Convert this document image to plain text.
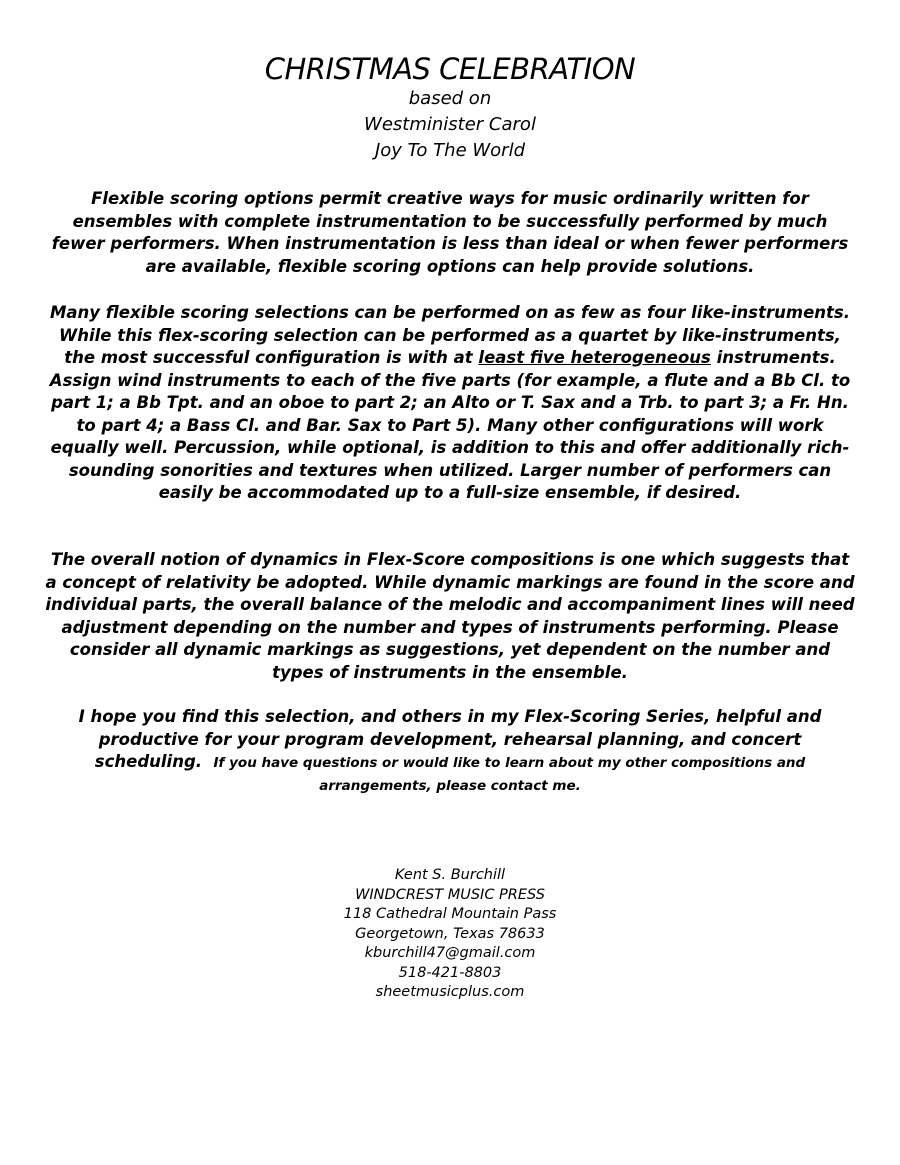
CHRISTMAS CELEBRATION
based on
Westminister Carol
Joy To The World

Flexible scoring options permit creative ways for music ordinarily written for ensembles with complete instrumentation to be successfully performed by much fewer performers. When instrumentation is less than ideal or when fewer performers are available, flexible scoring options can help provide solutions.

Many flexible scoring selections can be performed on as few as four like-instruments. While this flex-scoring selection can be performed as a quartet by like-instruments, the most successful configuration is with at least five heterogeneous instruments. Assign wind instruments to each of the five parts (for example, a flute and a Bb Cl. to part 1; a Bb Tpt. and an oboe to part 2; an Alto or T. Sax and a Trb. to part 3; a Fr. Hn. to part 4; a Bass Cl. and Bar. Sax to Part 5). Many other configurations will work equally well. Percussion, while optional, is addition to this and offer additionally rich-sounding sonorities and textures when utilized. Larger number of performers can easily be accommodated up to a full-size ensemble, if desired.

The overall notion of dynamics in Flex-Score compositions is one which suggests that a concept of relativity be adopted. While dynamic markings are found in the score and individual parts, the overall balance of the melodic and accompaniment lines will need adjustment depending on the number and types of instruments performing. Please consider all dynamic markings as suggestions, yet dependent on the number and types of instruments in the ensemble.

I hope you find this selection, and others in my Flex-Scoring Series, helpful and productive for your program development, rehearsal planning, and concert scheduling. If you have questions or would like to learn about my other compositions and arrangements, please contact me.

Kent S. Burchill
WINDCREST MUSIC PRESS
118 Cathedral Mountain Pass
Georgetown, Texas 78633
kburchill47@gmail.com
518-421-8803
sheetmusicplus.com
